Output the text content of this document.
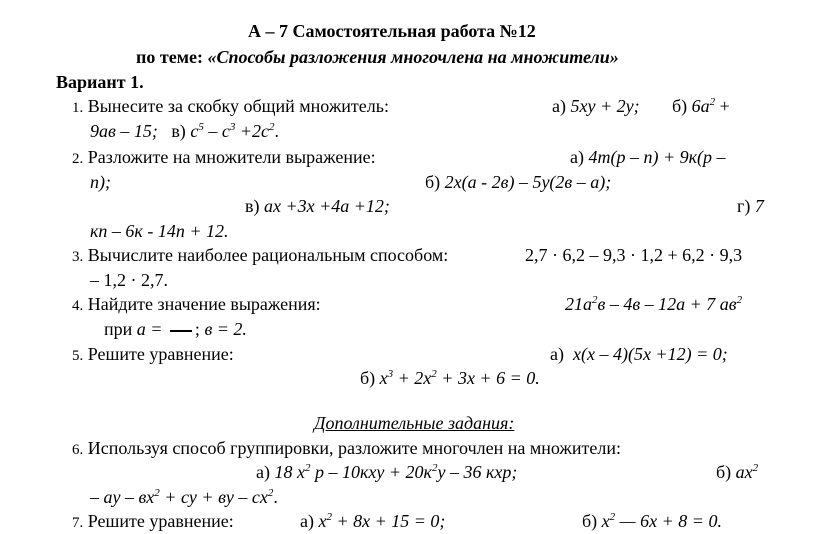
А – 7 Самостоятельная работа №12
по теме: «Способы разложения многочлена на множители»
Вариант 1.
1. Вынесите за скобку общий множитель:	а) 5xy + 2y; б) $6a^2$ +
9ав – 15; в) $c^5 - c^3 +2c^2$.
2. Разложите на множители выражение:	а) 4m(p – n) + 9к(p –
n);	б) 2x(а - 2в) – 5у(2в – а);
в) ax +3x +4a +12;	г) 7
кп – 6к - 14п + 12.
3. Вычислите наиболее рациональным способом:	2,7 · 6,2 – 9,3 · 1,2 + 6,2 · 9,3
– 1,2 · 2,7.
4. Найдите значение выражения:	$21a^2в - 4в - 12a + 7$ $aв^2$
при a = ; в = 2.
5. Решите уравнение:	а) x(x – 4)(5x +12) = 0;
б) $x^3 + 2x^2 + 3x + 6 = 0$.
Дополнительные задания:
6. Используя способ группировки, разложите многочлен на множители:
а) 18 $x^2$ $p - 10кxy + 20к^2y - 36$ кxp;	б) $ax^2$
– ay – $вx^2$ + cy + вy – $cx^2$.
7. Решите уравнение:	а) $x^2 + 8x + 15 = 0$;	б) $x^2$ — 6x + 8 = 0.
